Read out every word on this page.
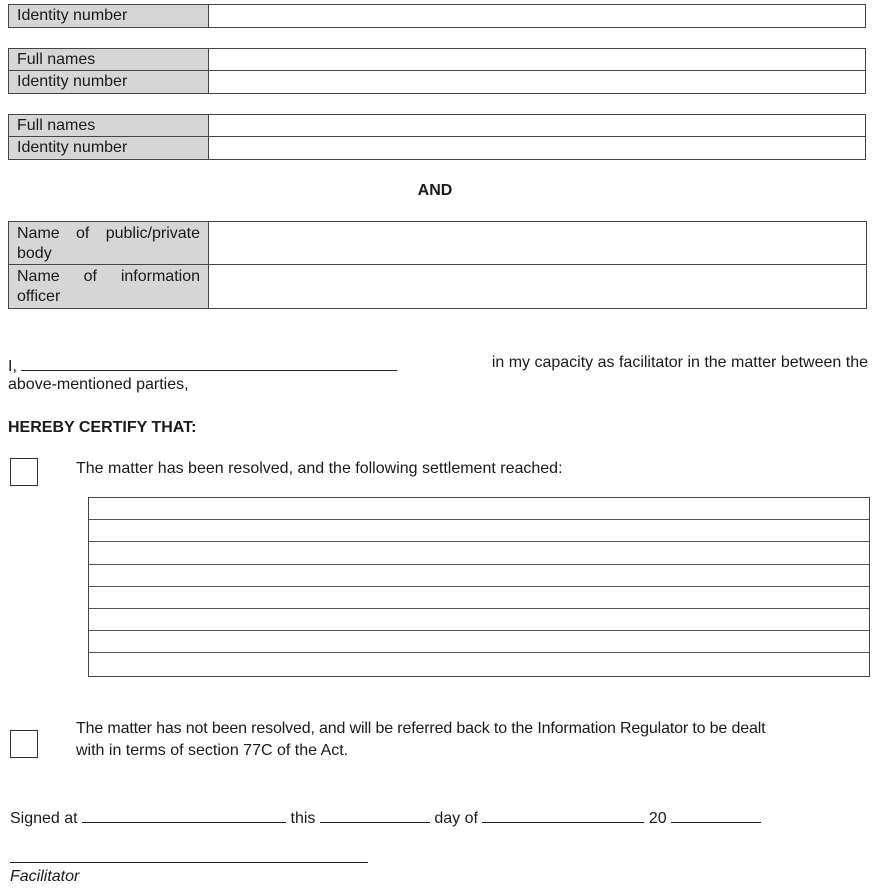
Identity number
Full names
Identity number
Full names
Identity number
AND
Name of public/private body
Name of information officer
I,	in my capacity as facilitator in the matter between the
above-mentioned parties,
HEREBY CERTIFY THAT:
The matter has been resolved, and the following settlement reached:
The matter has not been resolved, and will be referred back to the Information Regulator to be dealt
with in terms of section 77C of the Act.
Signed at	this	day of	20
Facilitator
